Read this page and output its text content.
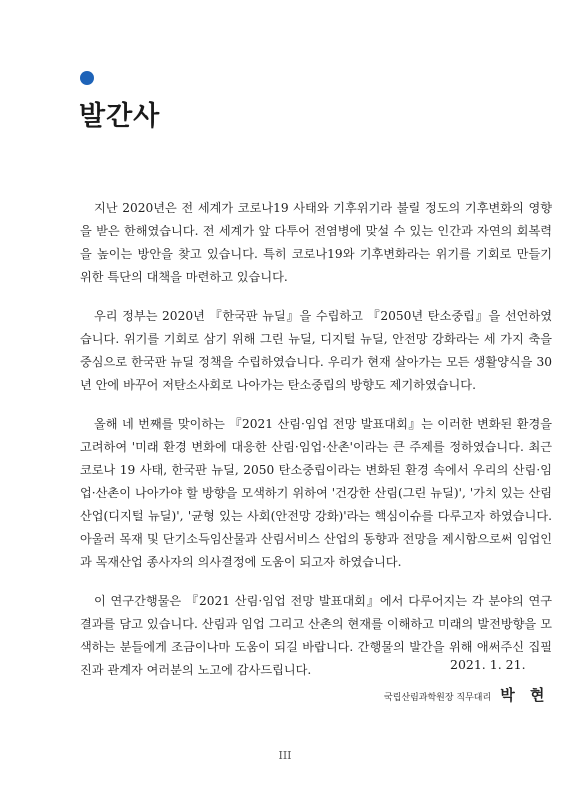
발간사

지난 2020년은 전 세계가 코로나19 사태와 기후위기라 불릴 정도의 기후변화의 영향을 받은 한해였습니다. 전 세계가 앞 다투어 전염병에 맞설 수 있는 인간과 자연의 회복력을 높이는 방안을 찾고 있습니다. 특히 코로나19와 기후변화라는 위기를 기회로 만들기 위한 특단의 대책을 마련하고 있습니다.

우리 정부는 2020년 『한국판 뉴딜』을 수립하고 『2050년 탄소중립』을 선언하였습니다. 위기를 기회로 삼기 위해 그린 뉴딜, 디지털 뉴딜, 안전망 강화라는 세 가지 축을 중심으로 한국판 뉴딜 정책을 수립하였습니다. 우리가 현재 살아가는 모든 생활양식을 30년 안에 바꾸어 저탄소사회로 나아가는 탄소중립의 방향도 제기하였습니다.

올해 네 번째를 맞이하는 『2021 산림·임업 전망 발표대회』는 이러한 변화된 환경을 고려하여 '미래 환경 변화에 대응한 산림·임업·산촌'이라는 큰 주제를 정하였습니다. 최근 코로나 19 사태, 한국판 뉴딜, 2050 탄소중립이라는 변화된 환경 속에서 우리의 산림·임업·산촌이 나아가야 할 방향을 모색하기 위하여 '건강한 산림(그린 뉴딜)', '가치 있는 산림산업(디지털 뉴딜)', '균형 있는 사회(안전망 강화)'라는 핵심이슈를 다루고자 하였습니다. 아울러 목재 및 단기소득임산물과 산림서비스 산업의 동향과 전망을 제시함으로써 임업인과 목재산업 종사자의 의사결정에 도움이 되고자 하였습니다.

이 연구간행물은 『2021 산림·임업 전망 발표대회』에서 다루어지는 각 분야의 연구결과를 담고 있습니다. 산림과 임업 그리고 산촌의 현재를 이해하고 미래의 발전방향을 모색하는 분들에게 조금이나마 도움이 되길 바랍니다. 간행물의 발간을 위해 애써주신 집필진과 관계자 여러분의 노고에 감사드립니다.	2021. 1. 21.
국립산림과학원장 직무대리 박 현
III
